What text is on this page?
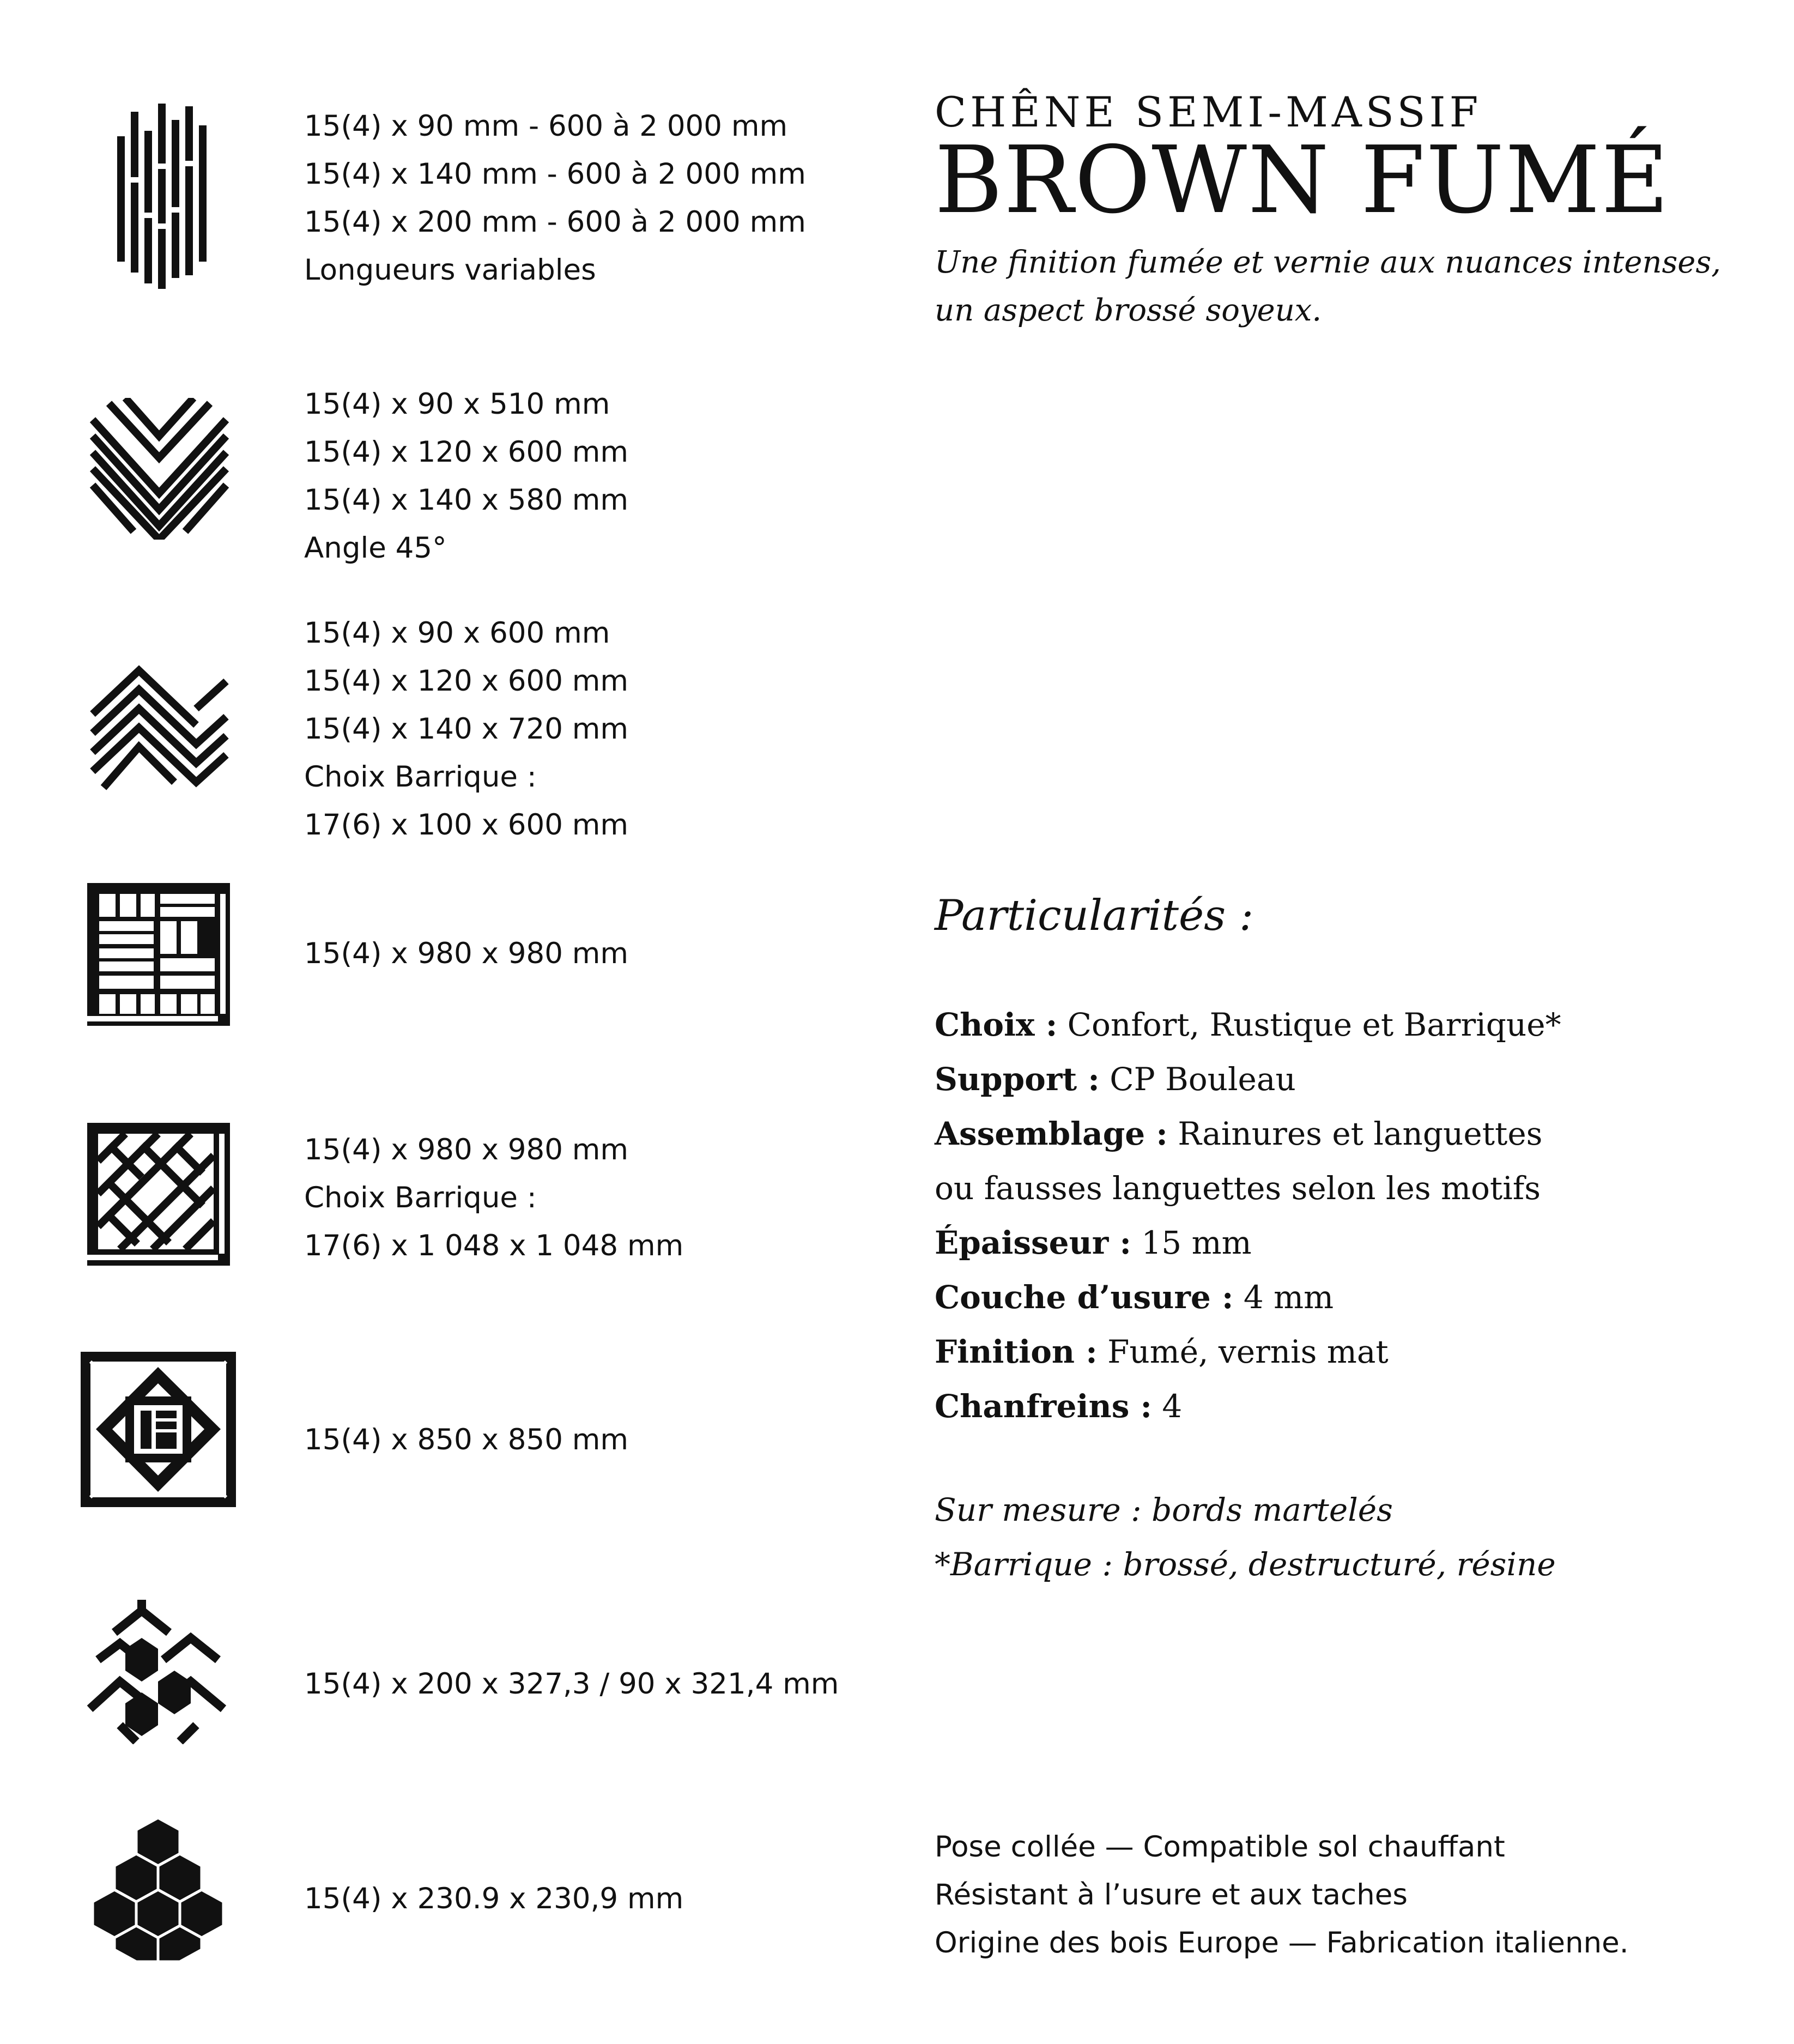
15(4) x 90 mm - 600 à 2 000 mm
15(4) x 140 mm - 600 à 2 000 mm
15(4) x 200 mm - 600 à 2 000 mm
Longueurs variables
15(4) x 90 x 510 mm
15(4) x 120 x 600 mm
15(4) x 140 x 580 mm
Angle 45°
15(4) x 90 x 600 mm
15(4) x 120 x 600 mm
15(4) x 140 x 720 mm
Choix Barrique :
17(6) x 100 x 600 mm
15(4) x 980 x 980 mm
15(4) x 980 x 980 mm
Choix Barrique :
17(6) x 1 048 x 1 048 mm
15(4) x 850 x 850 mm
15(4) x 200 x 327,3 / 90 x 321,4 mm
15(4) x 230.9 x 230,9 mm
CHÊNE SEMI-MASSIF
BROWN FUMÉ
Une finition fumée et vernie aux nuances intenses,
un aspect brossé soyeux.
Particularités :
Choix : Confort, Rustique et Barrique*
Support : CP Bouleau
Assemblage : Rainures et languettes
ou fausses languettes selon les motifs
Épaisseur : 15 mm
Couche d’usure : 4 mm
Finition : Fumé, vernis mat
Chanfreins : 4
Sur mesure : bords martelés
*Barrique : brossé, destructuré, résine
Pose collée — Compatible sol chauffant
Résistant à l’usure et aux taches
Origine des bois Europe — Fabrication italienne.
